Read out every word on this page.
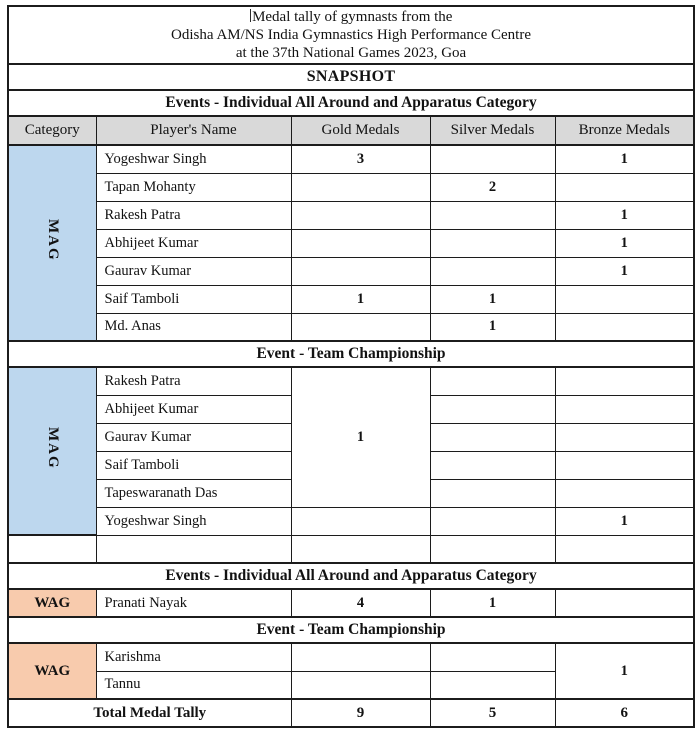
Medal tally of gymnasts from the
Odisha AM/NS India Gymnastics High Performance Centre
at the 37th National Games 2023, Goa				

SNAPSHOT				
Events - Individual All Around and Apparatus Category				
Category	Player's Name	Gold Medals	Silver Medals	Bronze Medals
MAG	Yogeshwar Singh	3		1
	Tapan Mohanty		2	
	Rakesh Patra			1
	Abhijeet Kumar			1
	Gaurav Kumar			1
	Saif Tamboli	1	1	
	Md. Anas		1	
Event - Team Championship				
MAG	Rakesh Patra	1		
	Abhijeet Kumar			
	Gaurav Kumar			
	Saif Tamboli			
	Tapeswaranath Das			
	Yogeshwar Singh			1

Events - Individual All Around and Apparatus Category				
WAG	Pranati Nayak	4	1	
Event - Team Championship				
WAG	Karishma			1
	Tannu			
Total Medal Tally		9	5	6
